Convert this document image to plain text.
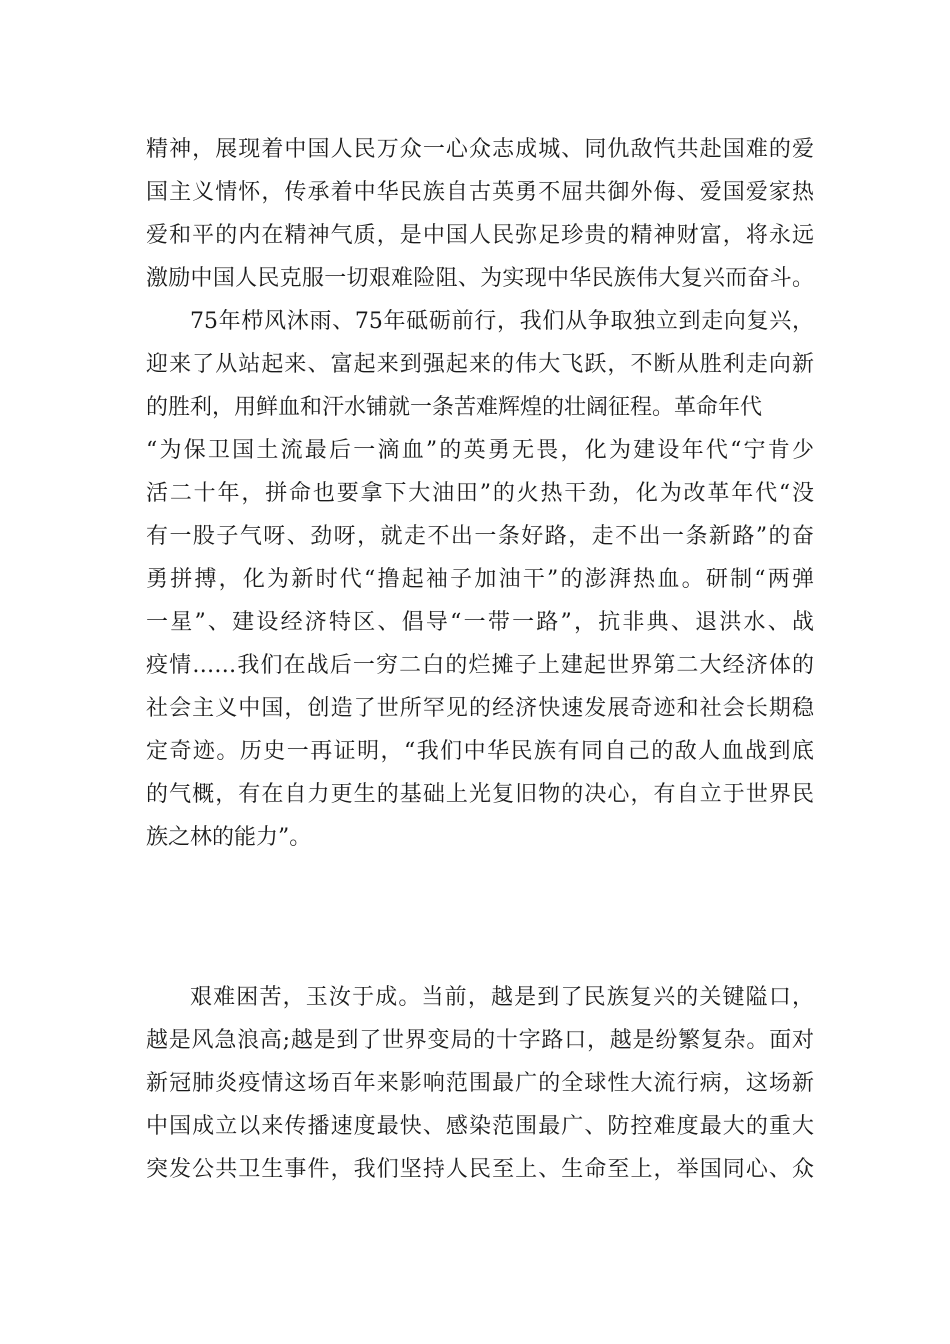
精神，展现着中国人民万众一心众志成城、同仇敌忾共赴国难的爱
国主义情怀，传承着中华民族自古英勇不屈共御外侮、爱国爱家热
爱和平的内在精神气质，是中国人民弥足珍贵的精神财富，将永远
激励中国人民克服一切艰难险阻、为实现中华民族伟大复兴而奋斗。
75年栉风沐雨、75年砥砺前行，我们从争取独立到走向复兴，
迎来了从站起来、富起来到强起来的伟大飞跃，不断从胜利走向新
的胜利，用鲜血和汗水铺就一条苦难辉煌的壮阔征程。革命年代
“为保卫国土流最后一滴血”的英勇无畏，化为建设年代“宁肯少
活二十年，拼命也要拿下大油田”的火热干劲，化为改革年代“没
有一股子气呀、劲呀，就走不出一条好路，走不出一条新路”的奋
勇拼搏，化为新时代“撸起袖子加油干”的澎湃热血。研制“两弹
一星”、建设经济特区、倡导“一带一路”，抗非典、退洪水、战
疫情……我们在战后一穷二白的烂摊子上建起世界第二大经济体的
社会主义中国，创造了世所罕见的经济快速发展奇迹和社会长期稳
定奇迹。历史一再证明，“我们中华民族有同自己的敌人血战到底
的气概，有在自力更生的基础上光复旧物的决心，有自立于世界民
族之林的能力”。
艰难困苦，玉汝于成。当前，越是到了民族复兴的关键隘口，
越是风急浪高;越是到了世界变局的十字路口，越是纷繁复杂。面对
新冠肺炎疫情这场百年来影响范围最广的全球性大流行病，这场新
中国成立以来传播速度最快、感染范围最广、防控难度最大的重大
突发公共卫生事件，我们坚持人民至上、生命至上，举国同心、众
